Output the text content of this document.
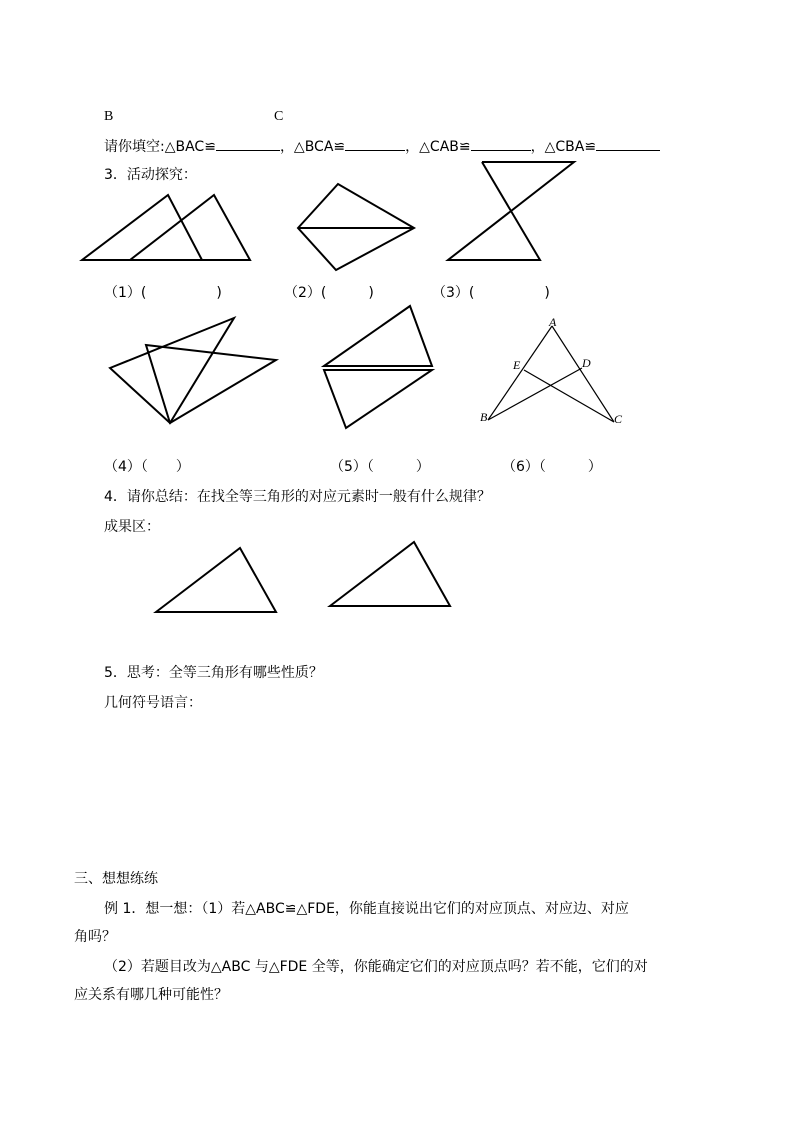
B	C
请你填空:△BAC≌	，△BCA≌	，△CAB≌	，△CBA≌
3．活动探究：
A
B	C
D
E
（1）(　　　　　)	（2）(　　　)	（3）(　　　　　)
（4）（　　）	（5）（　　　）	（6）（　　　）
4．请你总结：在找全等三角形的对应元素时一般有什么规律？
成果区：
5．思考：全等三角形有哪些性质？
几何符号语言：
三、想想练练
例 1．想一想：（1）若△ABC≌△FDE，你能直接说出它们的对应顶点、对应边、对应
角吗？
（2）若题目改为△ABC 与△FDE 全等，你能确定它们的对应顶点吗？若不能，它们的对
应关系有哪几种可能性？
